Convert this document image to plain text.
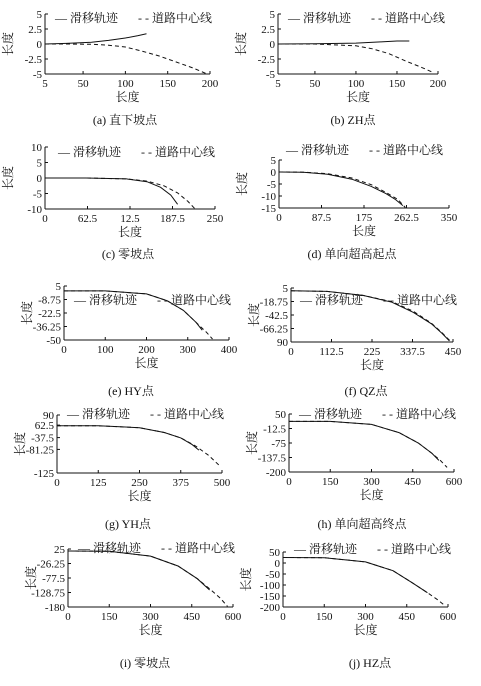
5	50	100 150 200
5
2.5
0
-2.5
-5
长度
长度
— 滑移轨迹 - - 道路中心线
(a) 直下坡点
5	50 100 150 200
5
2.5
0
-2.5
-5
长度
长度
— 滑移轨迹 - - 道路中心线
(b) ZH点
0	62.5 12.5 187.5 250
10
5
0
-5
-10
长度
长度
— 滑移轨迹 - - 道路中心线
(c) 零坡点
0	87.5 175 262.5 350
5
0
-5
-10
-15
长度
长度
— 滑移轨迹 - - 道路中心线
(d) 单向超高起点
0	100 200 300 400
5
-8.75
-22.5
-36.25
-50
长度
长度
— 滑移轨迹 - - 道路中心线
(e) HY点
0 112.5 225 337.5 450
5
-18.75
-42.5
-66.25
90
长度
长度
— 滑移轨迹 - - 道路中心线
(f) QZ点
0	125 250 375 500
90
62.5
-37.5
-81.25
-125
长度
长度
— 滑移轨迹 - - 道路中心线
(g) YH点
0	150 300 450 600
50
-12.5
-75
-137.5
-200
长度
长度
— 滑移轨迹 - - 道路中心线
(h) 单向超高终点
0	150 300 450 600
25
-26.25
-77.5
-128.75
-180
长度
长度
— 滑移轨迹 - - 道路中心线
(i) 零坡点
0	150 300 450 600
50
0
-50
-100
-150
-200
长度
长度
— 滑移轨迹 - - 道路中心线
(j) HZ点
